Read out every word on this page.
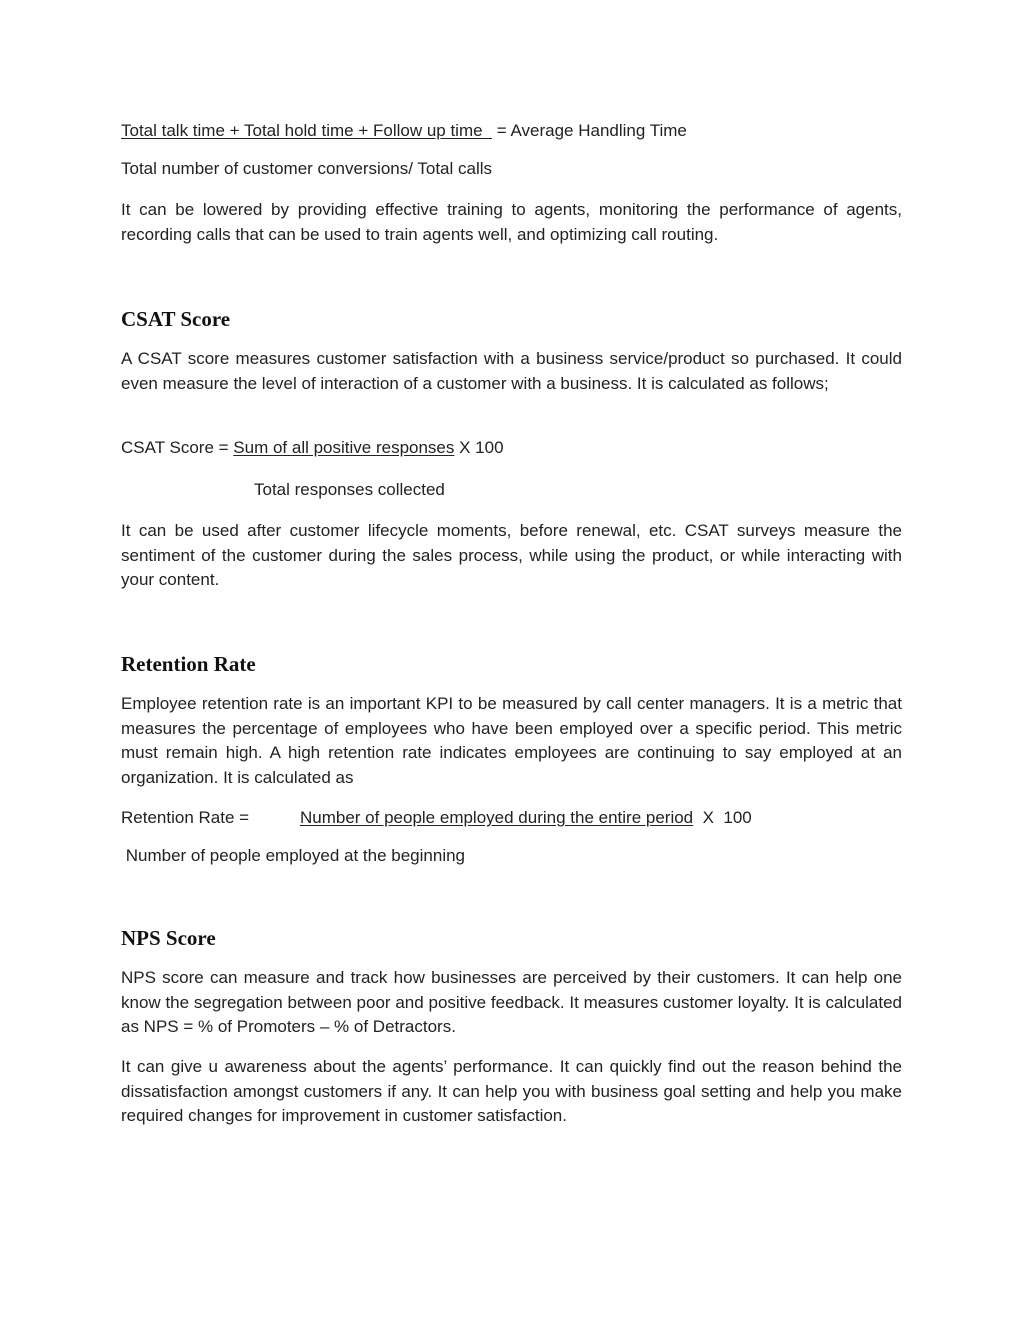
Total talk time + Total hold time + Follow up time   = Average Handling Time
Total number of customer conversions/ Total calls
It can be lowered by providing effective training to agents, monitoring the performance of agents, recording calls that can be used to train agents well, and optimizing call routing.
CSAT Score
A CSAT score measures customer satisfaction with a business service/product so purchased. It could even measure the level of interaction of a customer with a business. It is calculated as follows;
CSAT Score = Sum of all positive responses X 100
Total responses collected
It can be used after customer lifecycle moments, before renewal, etc. CSAT surveys measure the sentiment of the customer during the sales process, while using the product, or while interacting with your content.
Retention Rate
Employee retention rate is an important KPI to be measured by call center managers. It is a metric that measures the percentage of employees who have been employed over a specific period. This metric must remain high. A high retention rate indicates employees are continuing to say employed at an organization. It is calculated as
Retention Rate =	Number of people employed during the entire period  X  100
Number of people employed at the beginning
NPS Score
NPS score can measure and track how businesses are perceived by their customers. It can help one know the segregation between poor and positive feedback. It measures customer loyalty. It is calculated as NPS = % of Promoters – % of Detractors.
It can give u awareness about the agents’ performance. It can quickly find out the reason behind the dissatisfaction amongst customers if any. It can help you with business goal setting and help you make required changes for improvement in customer satisfaction.
